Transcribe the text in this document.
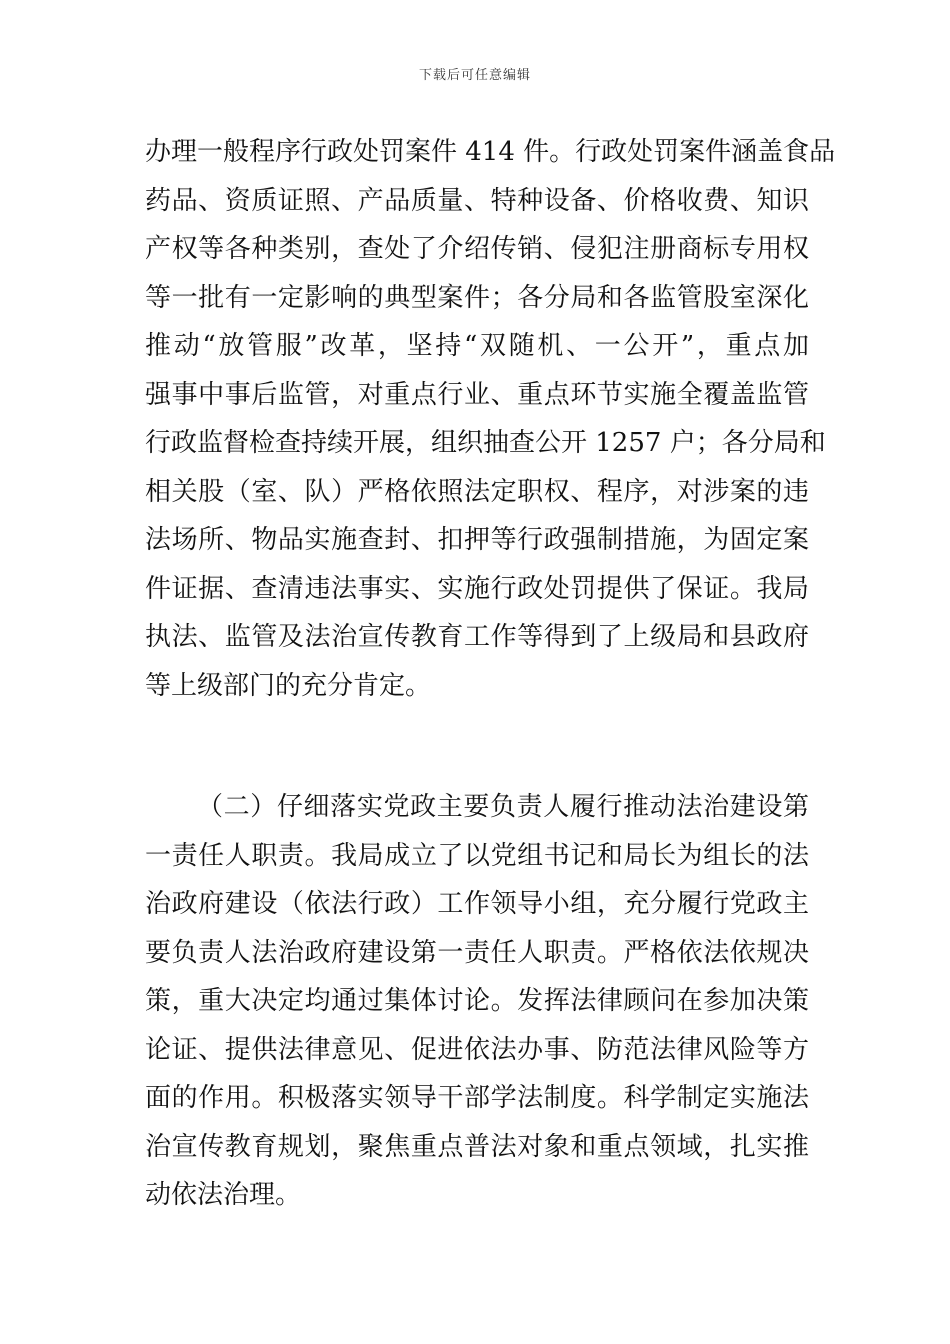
下载后可任意编辑
办理一般程序行政处罚案件 414 件。行政处罚案件涵盖食品
药品、资质证照、产品质量、特种设备、价格收费、知识
产权等各种类别，查处了介绍传销、侵犯注册商标专用权
等一批有一定影响的典型案件；各分局和各监管股室深化
推动“放管服”改革，坚持“双随机、一公开”，重点加
强事中事后监管，对重点行业、重点环节实施全覆盖监管
行政监督检查持续开展，组织抽查公开 1257 户；各分局和
相关股（室、队）严格依照法定职权、程序，对涉案的违
法场所、物品实施查封、扣押等行政强制措施，为固定案
件证据、查清违法事实、实施行政处罚提供了保证。我局
执法、监管及法治宣传教育工作等得到了上级局和县政府
等上级部门的充分肯定。
（二）仔细落实党政主要负责人履行推动法治建设第
一责任人职责。我局成立了以党组书记和局长为组长的法
治政府建设（依法行政）工作领导小组，充分履行党政主
要负责人法治政府建设第一责任人职责。严格依法依规决
策，重大决定均通过集体讨论。发挥法律顾问在参加决策
论证、提供法律意见、促进依法办事、防范法律风险等方
面的作用。积极落实领导干部学法制度。科学制定实施法
治宣传教育规划，聚焦重点普法对象和重点领域，扎实推
动依法治理。
